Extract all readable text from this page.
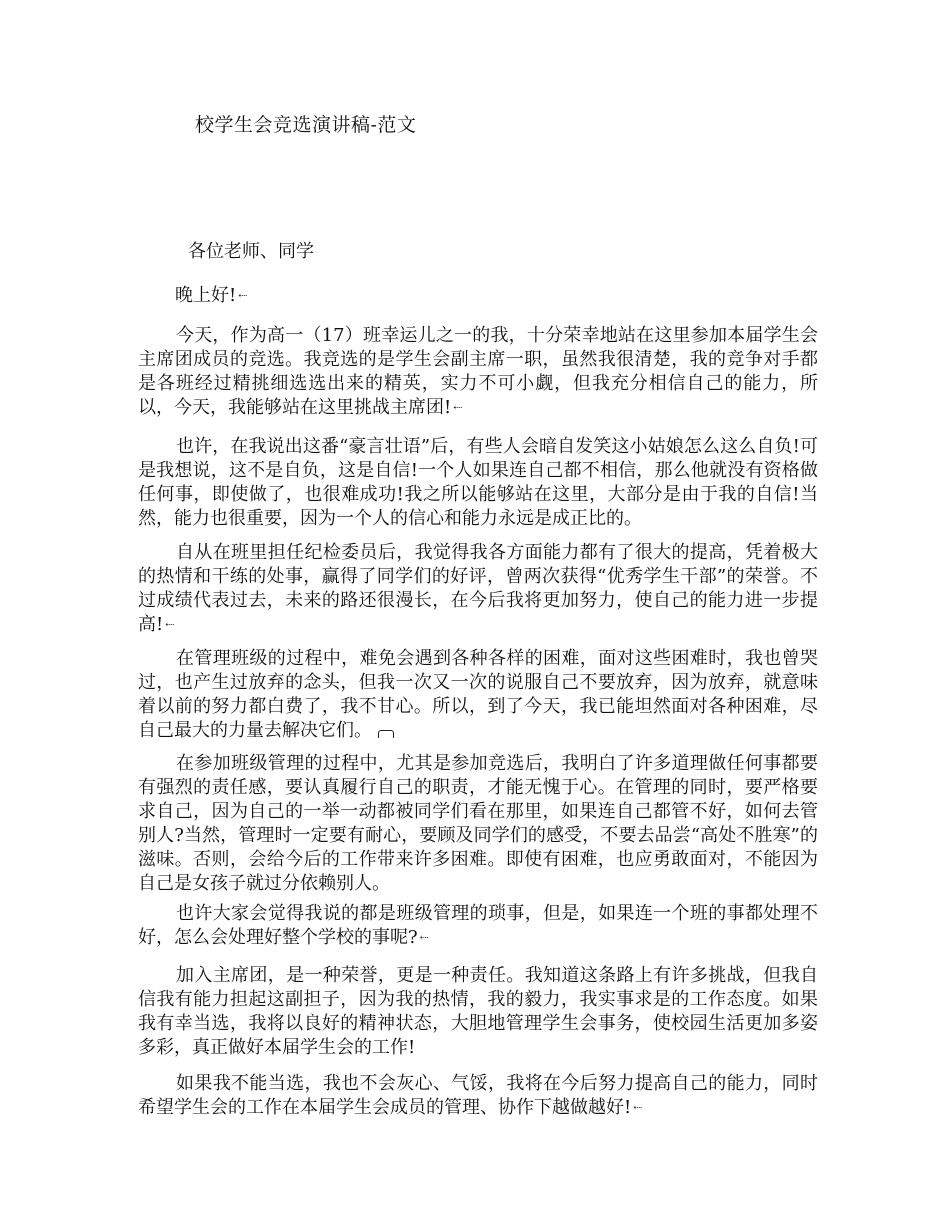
校学生会竞选演讲稿-范文
各位老师、同学
晚上好! ⇠

今天，作为高一（17）班幸运儿之一的我，十分荣幸地站在这里参加本届学生会主席团成员的竞选。我竞选的是学生会副主席一职，虽然我很清楚，我的竞争对手都是各班经过精挑细选选出来的精英，实力不可小觑，但我充分相信自己的能力，所以，今天，我能够站在这里挑战主席团! ⇠

也许，在我说出这番“豪言壮语”后，有些人会暗自发笑这小姑娘怎么这么自负!可是我想说，这不是自负，这是自信!一个人如果连自己都不相信，那么他就没有资格做任何事，即使做了，也很难成功!我之所以能够站在这里，大部分是由于我的自信!当然，能力也很重要，因为一个人的信心和能力永远是成正比的。

自从在班里担任纪检委员后，我觉得我各方面能力都有了很大的提高，凭着极大的热情和干练的处事，赢得了同学们的好评，曾两次获得“优秀学生干部”的荣誉。不过成绩代表过去，未来的路还很漫长，在今后我将更加努力，使自己的能力进一步提高! ⇠

在管理班级的过程中，难免会遇到各种各样的困难，面对这些困难时，我也曾哭过，也产生过放弃的念头，但我一次又一次的说服自己不要放弃，因为放弃，就意味着以前的努力都白费了，我不甘心。所以，到了今天，我已能坦然面对各种困难，尽自己最大的力量去解决它们。

在参加班级管理的过程中，尤其是参加竞选后，我明白了许多道理做任何事都要有强烈的责任感，要认真履行自己的职责，才能无愧于心。在管理的同时，要严格要求自己，因为自己的一举一动都被同学们看在那里，如果连自己都管不好，如何去管别人?当然，管理时一定要有耐心，要顾及同学们的感受，不要去品尝“高处不胜寒”的滋味。否则，会给今后的工作带来许多困难。即使有困难，也应勇敢面对，不能因为自己是女孩子就过分依赖别人。

也许大家会觉得我说的都是班级管理的琐事，但是，如果连一个班的事都处理不好，怎么会处理好整个学校的事呢? ⇠

加入主席团，是一种荣誉，更是一种责任。我知道这条路上有许多挑战，但我自信我有能力担起这副担子，因为我的热情，我的毅力，我实事求是的工作态度。如果我有幸当选，我将以良好的精神状态，大胆地管理学生会事务，使校园生活更加多姿多彩，真正做好本届学生会的工作!

如果我不能当选，我也不会灰心、气馁，我将在今后努力提高自己的能力，同时希望学生会的工作在本届学生会成员的管理、协作下越做越好! ⇠
